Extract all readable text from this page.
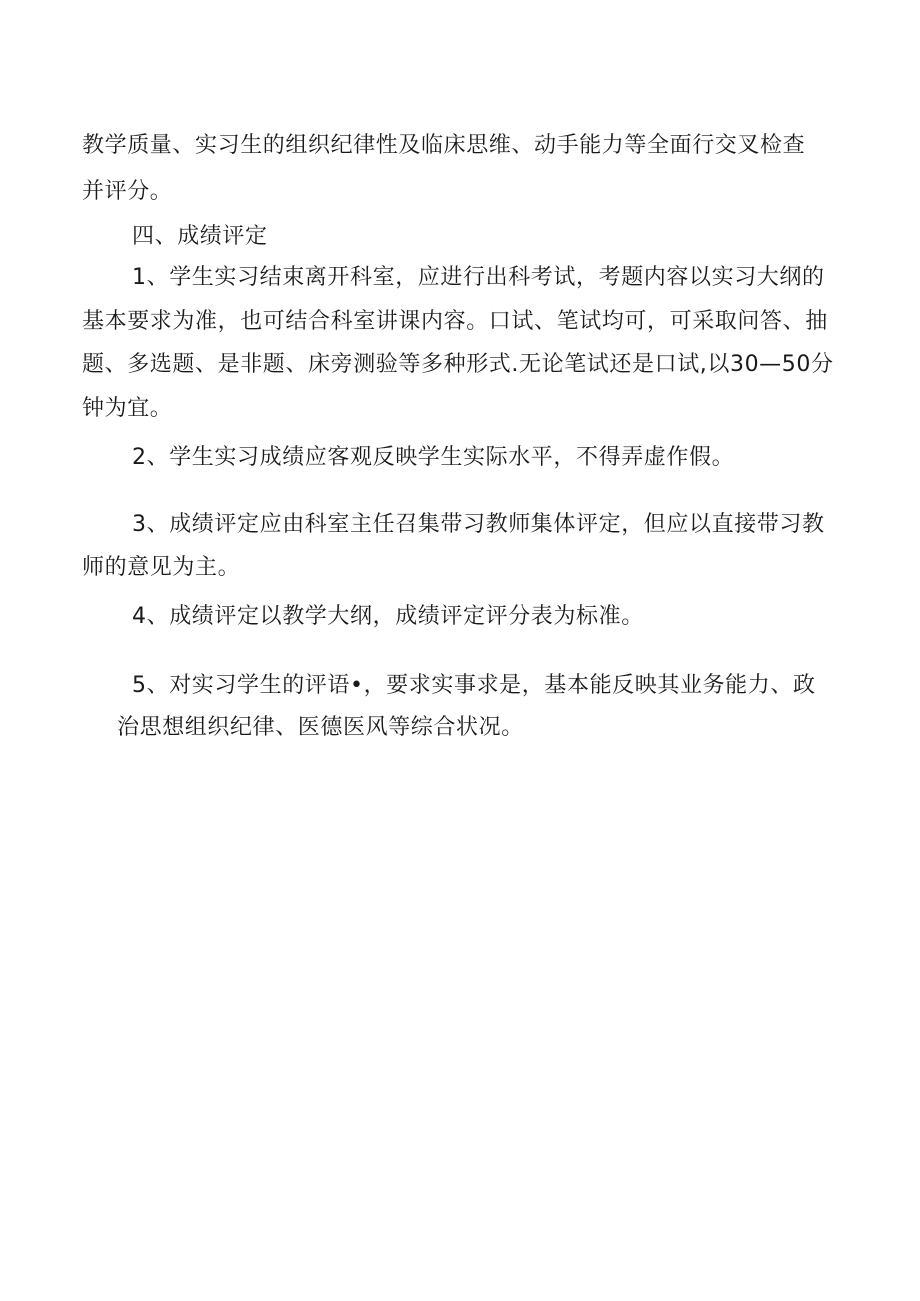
教学质量、实习生的组织纪律性及临床思维、动手能力等全面行交叉检查
并评分。
四、成绩评定
1、学生实习结束离开科室，应进行出科考试，考题内容以实习大纲的
基本要求为准，也可结合科室讲课内容。口试、笔试均可，可采取问答、抽
题、多选题、是非题、床旁测验等多种形式.无论笔试还是口试,以30—50分
钟为宜。
2、学生实习成绩应客观反映学生实际水平，不得弄虚作假。
3、成绩评定应由科室主任召集带习教师集体评定，但应以直接带习教
师的意见为主。
4、成绩评定以教学大纲，成绩评定评分表为标准。
5、对实习学生的评语•，要求实事求是，基本能反映其业务能力、政
治思想组织纪律、医德医风等综合状况。
